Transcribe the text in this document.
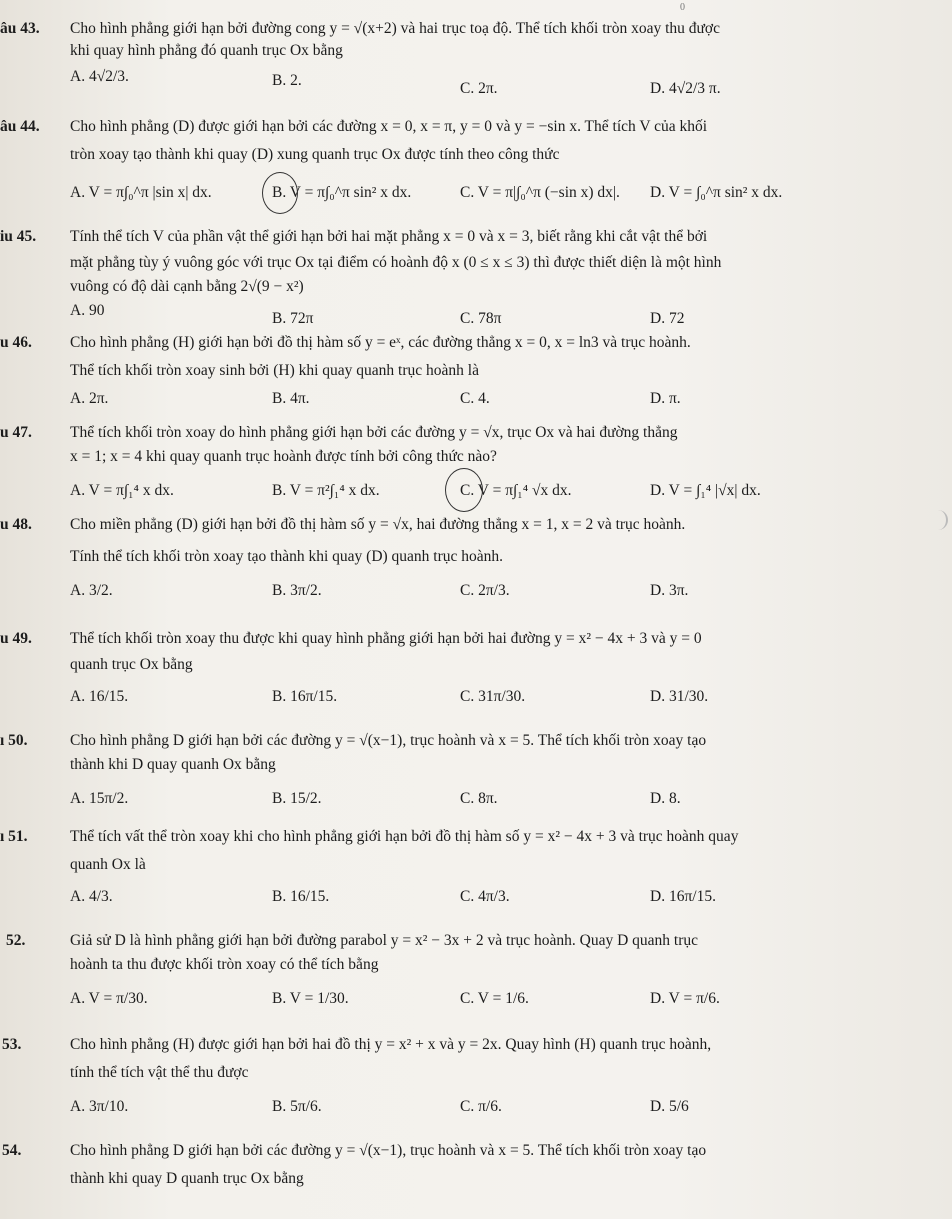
0
âu 43. Cho hình phẳng giới hạn bởi đường cong y = √(x+2) và hai trục toạ độ. Thể tích khối tròn xoay thu được
khi quay hình phẳng đó quanh trục Ox bằng
A. 4√2/3.	B. 2.	C. 2π.	D. 4√2/3 π.
âu 44. Cho hình phẳng (D) được giới hạn bởi các đường x = 0, x = π, y = 0 và y = −sin x. Thể tích V của khối
tròn xoay tạo thành khi quay (D) xung quanh trục Ox được tính theo công thức
A. V = π∫₀^π |sin x| dx.	B. V = π∫₀^π sin² x dx.	C. V = π|∫₀^π (−sin x) dx|. D. V = ∫₀^π sin² x dx.
iu 45. Tính thể tích V của phần vật thể giới hạn bởi hai mặt phẳng x = 0 và x = 3, biết rằng khi cắt vật thể bởi
mặt phẳng tùy ý vuông góc với trục Ox tại điểm có hoành độ x (0 ≤ x ≤ 3) thì được thiết diện là một hình
vuông có độ dài cạnh bằng 2√(9 − x²)
A. 90	B. 72π	C. 78π	D. 72
u 46. Cho hình phẳng (H) giới hạn bởi đồ thị hàm số y = eˣ, các đường thẳng x = 0, x = ln3 và trục hoành.
Thể tích khối tròn xoay sinh bởi (H) khi quay quanh trục hoành là
A. 2π.	B. 4π.	C. 4.	D. π.
u 47. Thể tích khối tròn xoay do hình phẳng giới hạn bởi các đường y = √x, trục Ox và hai đường thẳng
x = 1; x = 4 khi quay quanh trục hoành được tính bởi công thức nào?
A. V = π∫₁⁴ x dx.	B. V = π²∫₁⁴ x dx.	C. V = π∫₁⁴ √x dx.	D. V = ∫₁⁴ |√x| dx.
u 48. Cho miền phẳng (D) giới hạn bởi đồ thị hàm số y = √x, hai đường thẳng x = 1, x = 2 và trục hoành.
Tính thể tích khối tròn xoay tạo thành khi quay (D) quanh trục hoành.
A. 3/2.	B. 3π/2.	C. 2π/3.	D. 3π.
u 49. Thể tích khối tròn xoay thu được khi quay hình phẳng giới hạn bởi hai đường y = x² − 4x + 3 và y = 0
quanh trục Ox bằng
A. 16/15.	B. 16π/15.	C. 31π/30.	D. 31/30.
ı 50.	Cho hình phẳng D giới hạn bởi các đường y = √(x−1), trục hoành và x = 5. Thể tích khối tròn xoay tạo
thành khi D quay quanh Ox bằng
A. 15π/2.	B. 15/2.	C. 8π.	D. 8.
ı 51.	Thể tích vất thể tròn xoay khi cho hình phẳng giới hạn bởi đồ thị hàm số y = x² − 4x + 3 và trục hoành quay
quanh Ox là
A. 4/3.	B. 16/15.	C. 4π/3.	D. 16π/15.
52.	Giả sử D là hình phẳng giới hạn bởi đường parabol y = x² − 3x + 2 và trục hoành. Quay D quanh trục
hoành ta thu được khối tròn xoay có thể tích bằng
A. V = π/30.	B. V = 1/30.	C. V = 1/6.	D. V = π/6.
53.	Cho hình phẳng (H) được giới hạn bởi hai đồ thị y = x² + x và y = 2x. Quay hình (H) quanh trục hoành,
tính thể tích vật thể thu được
A. 3π/10.	B. 5π/6.	C. π/6.	D. 5/6
54.	Cho hình phẳng D giới hạn bởi các đường y = √(x−1), trục hoành và x = 5. Thể tích khối tròn xoay tạo
thành khi quay D quanh trục Ox bằng
